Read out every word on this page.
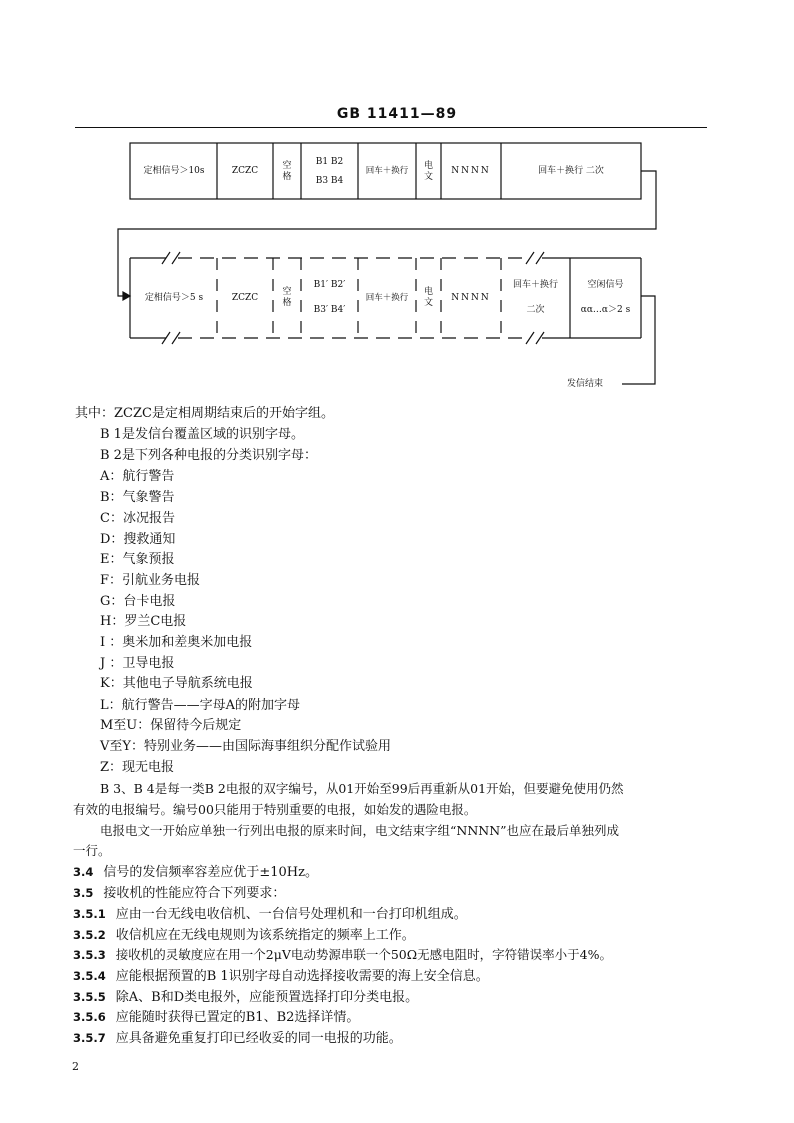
GB 11411—89
定相信号＞10s	ZCZC
空格
B1 B2
B3 B4
回车＋换行
电文
NNNN	回车＋换行 二次
定相信号＞5 s	ZCZC
空格
B1′ B2′
B3′ B4′
回车＋换行
电文
NNNN
回车＋换行
二次
空闲信号
αα…α＞2 s
发信结束
其中：ZCZC是定相周期结束后的开始字组。
B 1是发信台覆盖区域的识别字母。
B 2是下列各种电报的分类识别字母：
A：航行警告
B：气象警告
C：冰况报告
D：搜救通知
E：气象预报
F：引航业务电报
G：台卡电报
H：罗兰C电报
I ：奥米加和差奥米加电报
J ：卫导电报
K：其他电子导航系统电报
L：航行警告——字母A的附加字母
M至U：保留待今后规定
V至Y：特别业务——由国际海事组织分配作试验用
Z：现无电报
B 3、B 4是每一类B 2电报的双字编号，从01开始至99后再重新从01开始，但要避免使用仍然
有效的电报编号。编号00只能用于特别重要的电报，如始发的遇险电报。
电报电文一开始应单独一行列出电报的原来时间，电文结束字组“NNNN”也应在最后单独列成
一行。
3.4 信号的发信频率容差应优于±10Hz。
3.5 接收机的性能应符合下列要求：
3.5.1 应由一台无线电收信机、一台信号处理机和一台打印机组成。
3.5.2 收信机应在无线电规则为该系统指定的频率上工作。
3.5.3 接收机的灵敏度应在用一个2μV电动势源串联一个50Ω无感电阻时，字符错误率小于4%。
3.5.4 应能根据预置的B 1识别字母自动选择接收需要的海上安全信息。
3.5.5 除A、B和D类电报外，应能预置选择打印分类电报。
3.5.6 应能随时获得已置定的B1、B2选择详情。
3.5.7 应具备避免重复打印已经收妥的同一电报的功能。
2
